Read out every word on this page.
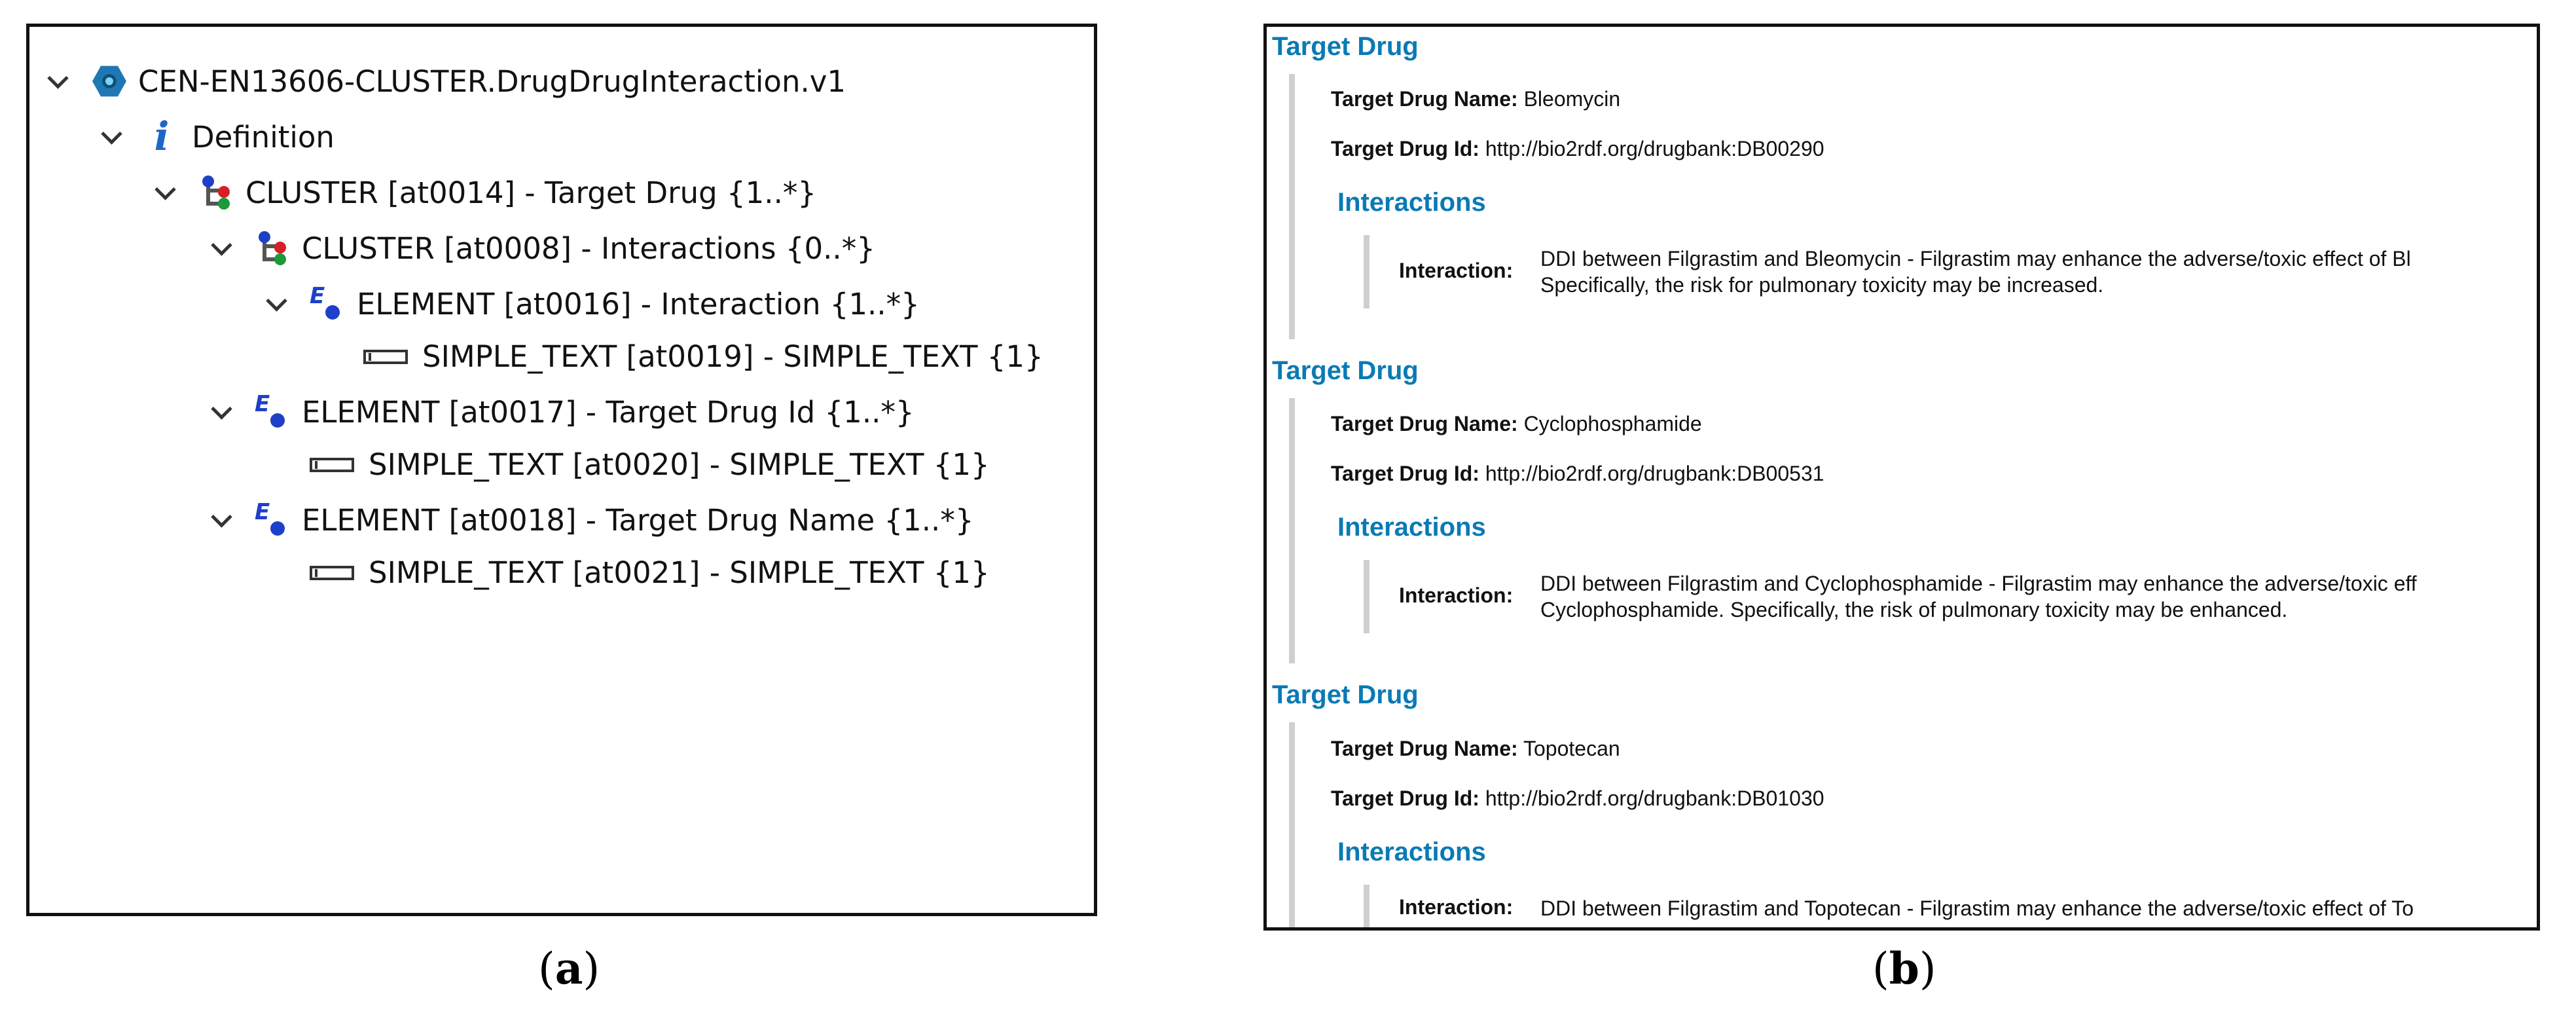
CEN-EN13606-CLUSTER.DrugDrugInteraction.v1
i Definition
CLUSTER [at0014] - Target Drug {1..*}
CLUSTER [at0008] - Interactions {0..*}
E ELEMENT [at0016] - Interaction {1..*}
SIMPLE_TEXT [at0019] - SIMPLE_TEXT {1}
E ELEMENT [at0017] - Target Drug Id {1..*}
SIMPLE_TEXT [at0020] - SIMPLE_TEXT {1}
E ELEMENT [at0018] - Target Drug Name {1..*}
SIMPLE_TEXT [at0021] - SIMPLE_TEXT {1}
(a)
Target Drug
Target Drug Name: Bleomycin
Target Drug Id: http://bio2rdf.org/drugbank:DB00290
Interactions
Interaction: DDI between Filgrastim and Bleomycin - Filgrastim may enhance the adverse/toxic effect of Bl
Specifically, the risk for pulmonary toxicity may be increased.
Target Drug
Target Drug Name: Cyclophosphamide
Target Drug Id: http://bio2rdf.org/drugbank:DB00531
Interactions
Interaction: DDI between Filgrastim and Cyclophosphamide - Filgrastim may enhance the adverse/toxic eff
Cyclophosphamide. Specifically, the risk of pulmonary toxicity may be enhanced.
Target Drug
Target Drug Name: Topotecan
Target Drug Id: http://bio2rdf.org/drugbank:DB01030
Interactions
Interaction: DDI between Filgrastim and Topotecan - Filgrastim may enhance the adverse/toxic effect of To
(b)
